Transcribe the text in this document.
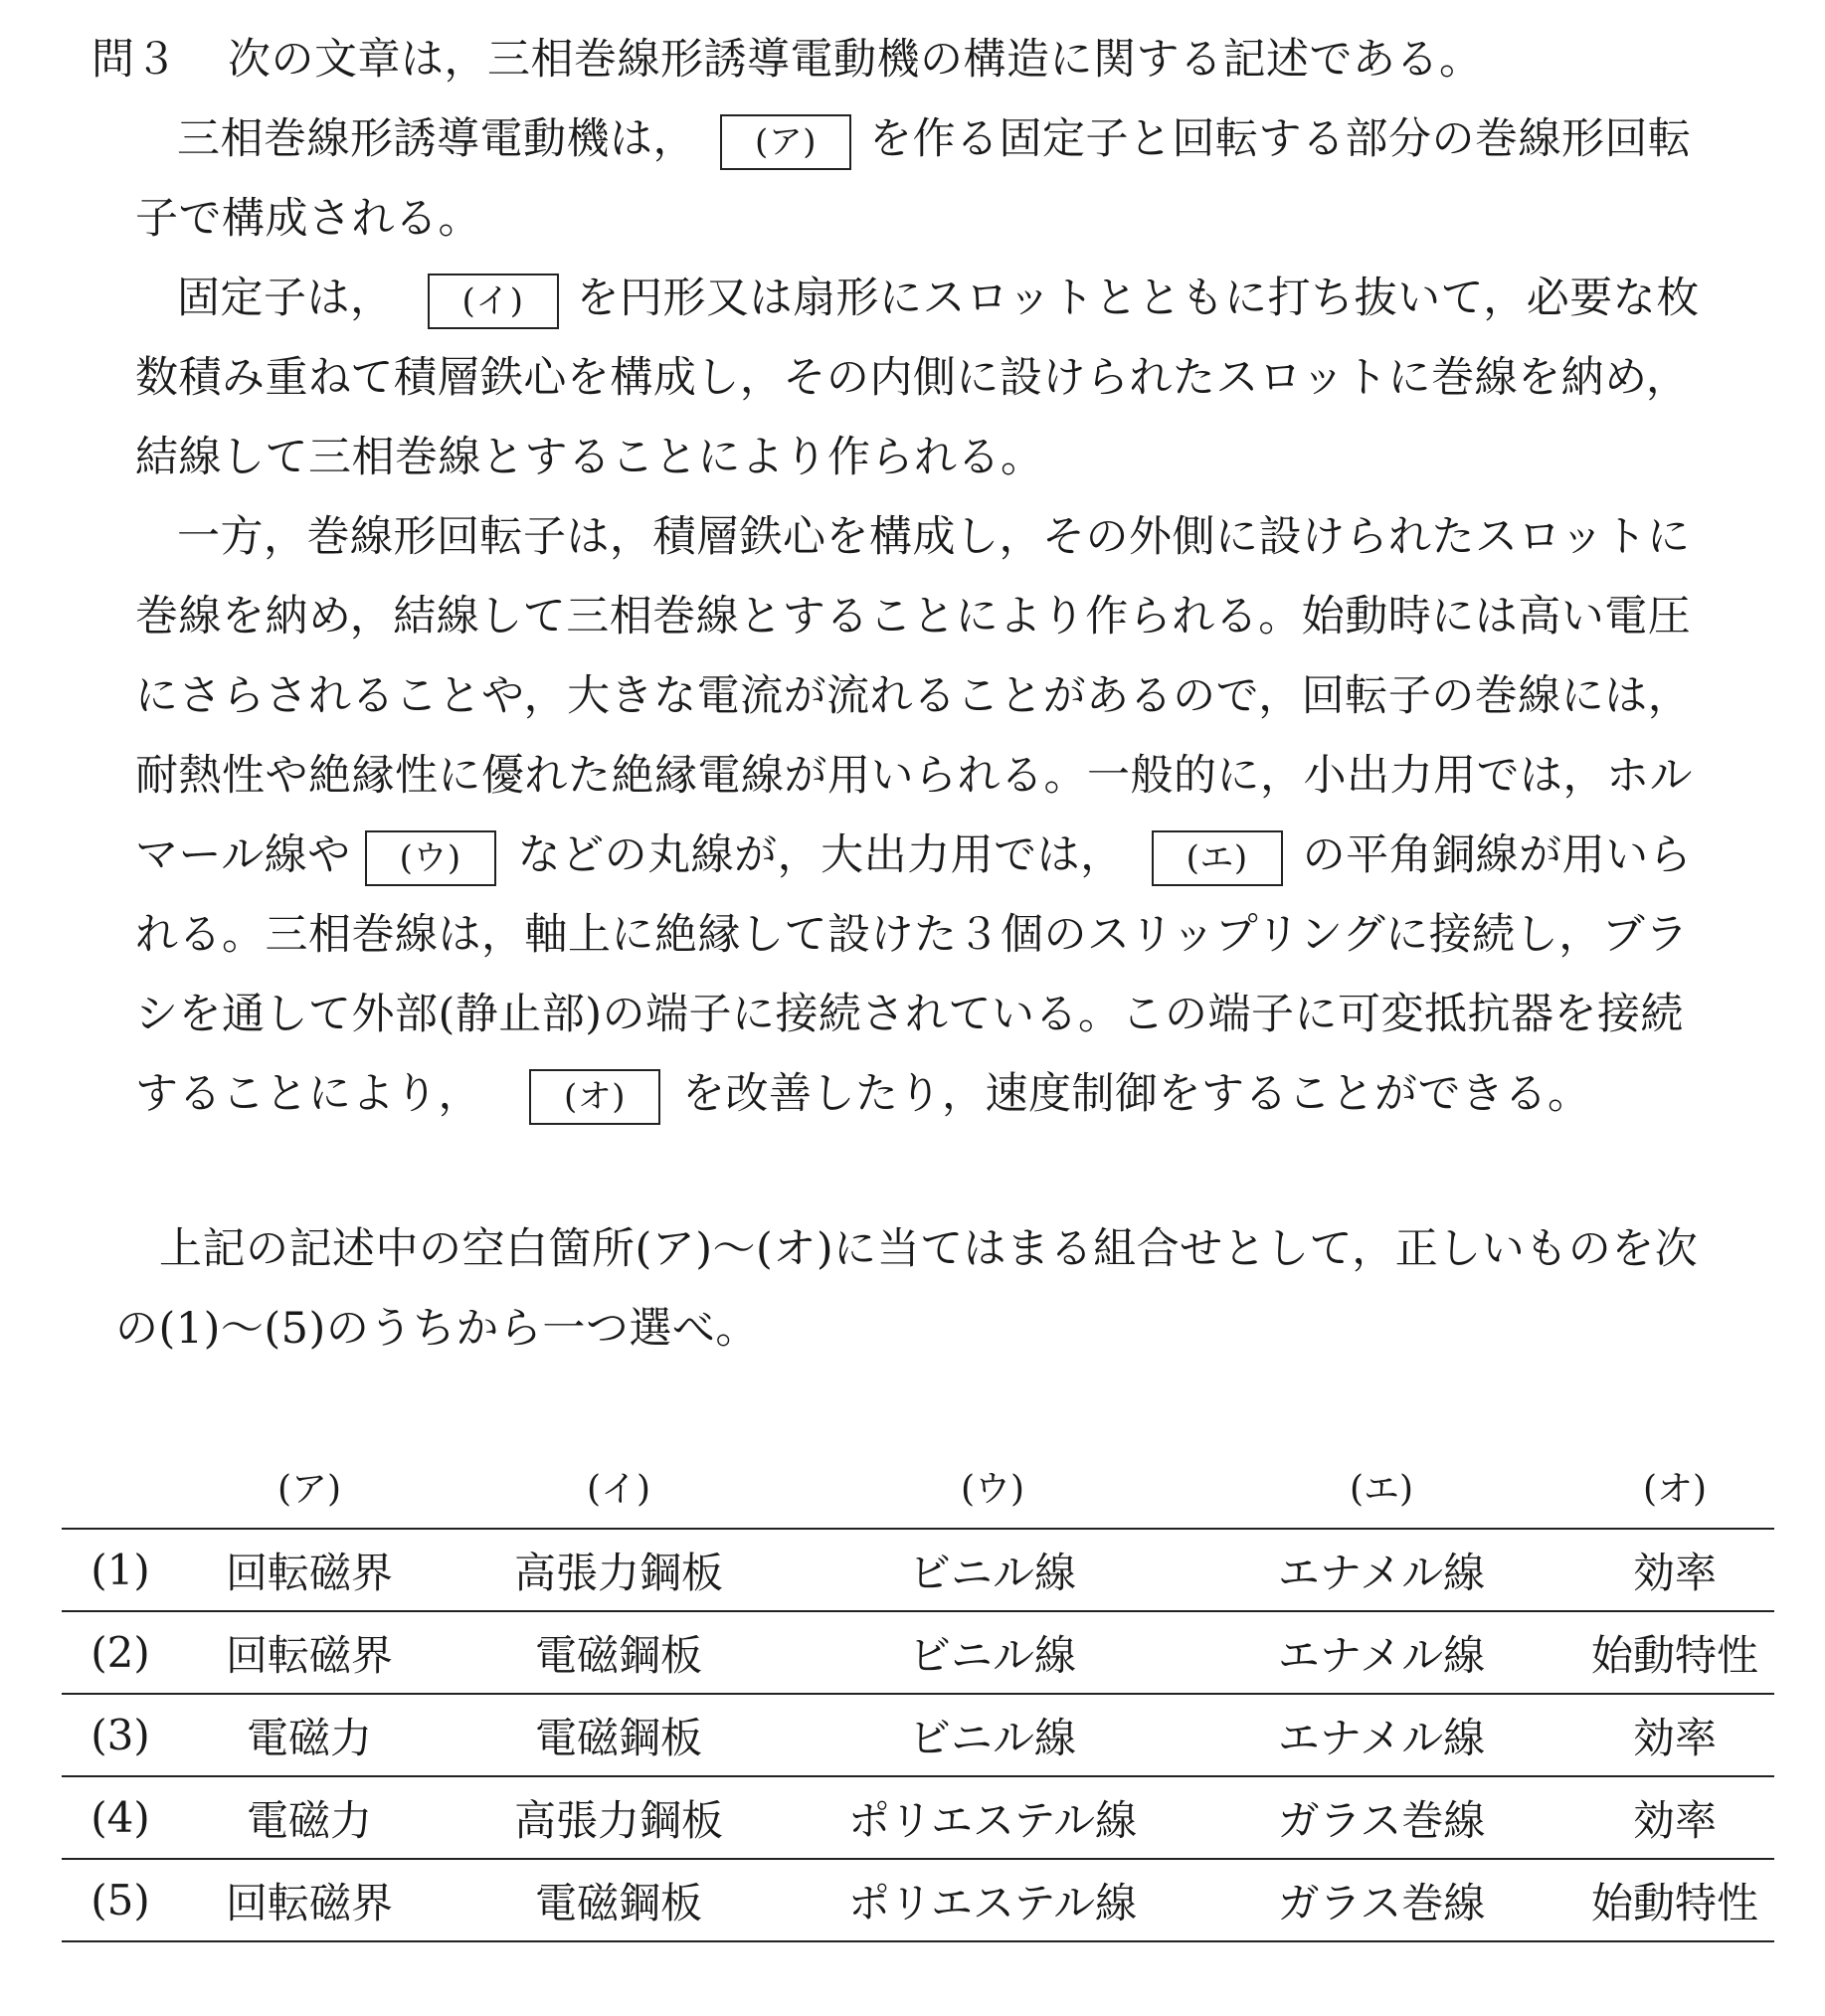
問３ 次の文章は，三相巻線形誘導電動機の構造に関する記述である。
三相巻線形誘導電動機は， (ア) を作る固定子と回転する部分の巻線形回転
子で構成される。
固定子は， (イ) を円形又は扇形にスロットとともに打ち抜いて，必要な枚
数積み重ねて積層鉄心を構成し，その内側に設けられたスロットに巻線を納め，
結線して三相巻線とすることにより作られる。
一方，巻線形回転子は，積層鉄心を構成し，その外側に設けられたスロットに
巻線を納め，結線して三相巻線とすることにより作られる。始動時には高い電圧
にさらされることや，大きな電流が流れることがあるので，回転子の巻線には，
耐熱性や絶縁性に優れた絶縁電線が用いられる。一般的に，小出力用では，ホル
マール線や (ウ) などの丸線が，大出力用では， (エ) の平角銅線が用いら
れる。三相巻線は，軸上に絶縁して設けた３個のスリップリングに接続し，ブラ
シを通して外部(静止部)の端子に接続されている。この端子に可変抵抗器を接続
することにより， (オ) を改善したり，速度制御をすることができる。
上記の記述中の空白箇所(ア)～(オ)に当てはまる組合せとして，正しいものを次
の(1)～(5)のうちから一つ選べ。
	(ア)	(イ)	(ウ)	(エ)	(オ)
(1)	回転磁界	高張力鋼板	ビニル線	エナメル線	効率
(2)	回転磁界	電磁鋼板	ビニル線	エナメル線	始動特性
(3)	電磁力	電磁鋼板	ビニル線	エナメル線	効率
(4)	電磁力	高張力鋼板	ポリエステル線	ガラス巻線	効率
(5)	回転磁界	電磁鋼板	ポリエステル線	ガラス巻線	始動特性
